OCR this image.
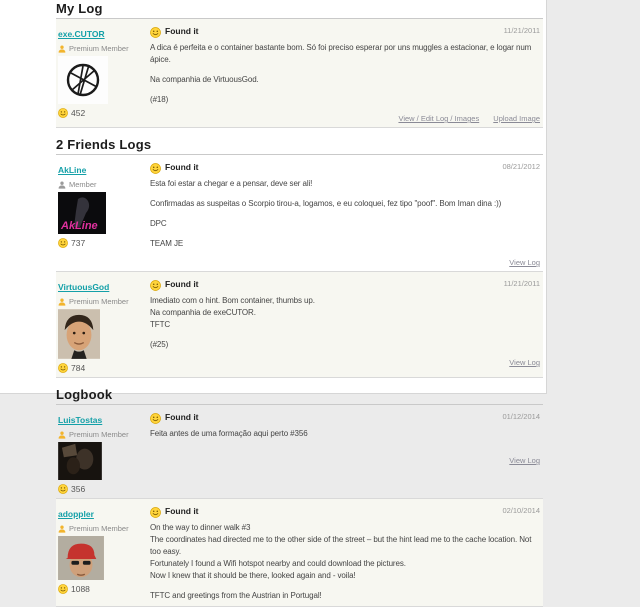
My Log
exe.CUTOR
Premium Member
452
Found it	11/21/2011
A dica é perfeita e o container bastante bom. Só foi preciso esperar por uns muggles a estacionar, e logar num ápice.
Na companhia de VirtuousGod.
(#18)
View / Edit Log / Images Upload Image
2 Friends Logs
AkLine
Member
AkLine
737
Found it	08/21/2012
Esta foi estar a chegar e a pensar, deve ser ali!
Confirmadas as suspeitas o Scorpio tirou-a, logamos, e eu coloquei, fez tipo "poof". Bom Iman dina :))
DPC
TEAM JE
View Log
VirtuousGod
Premium Member
784
Found it	11/21/2011
Imediato com o hint. Bom container, thumbs up.
Na companhia de exeCUTOR.
TFTC
(#25)
View Log
Logbook
LuisTostas
Premium Member
356
Found it	01/12/2014
Feita antes de uma formação aqui perto #356
View Log
adoppler
Premium Member
1088
Found it	02/10/2014
On the way to dinner walk #3
The coordinates had directed me to the other side of the street – but the hint lead me to the cache location. Not too easy.
Fortunately I found a Wifi hotspot nearby and could download the pictures.
Now I knew that it should be there, looked again and - voila!
TFTC and greetings from the Austrian in Portugal!
